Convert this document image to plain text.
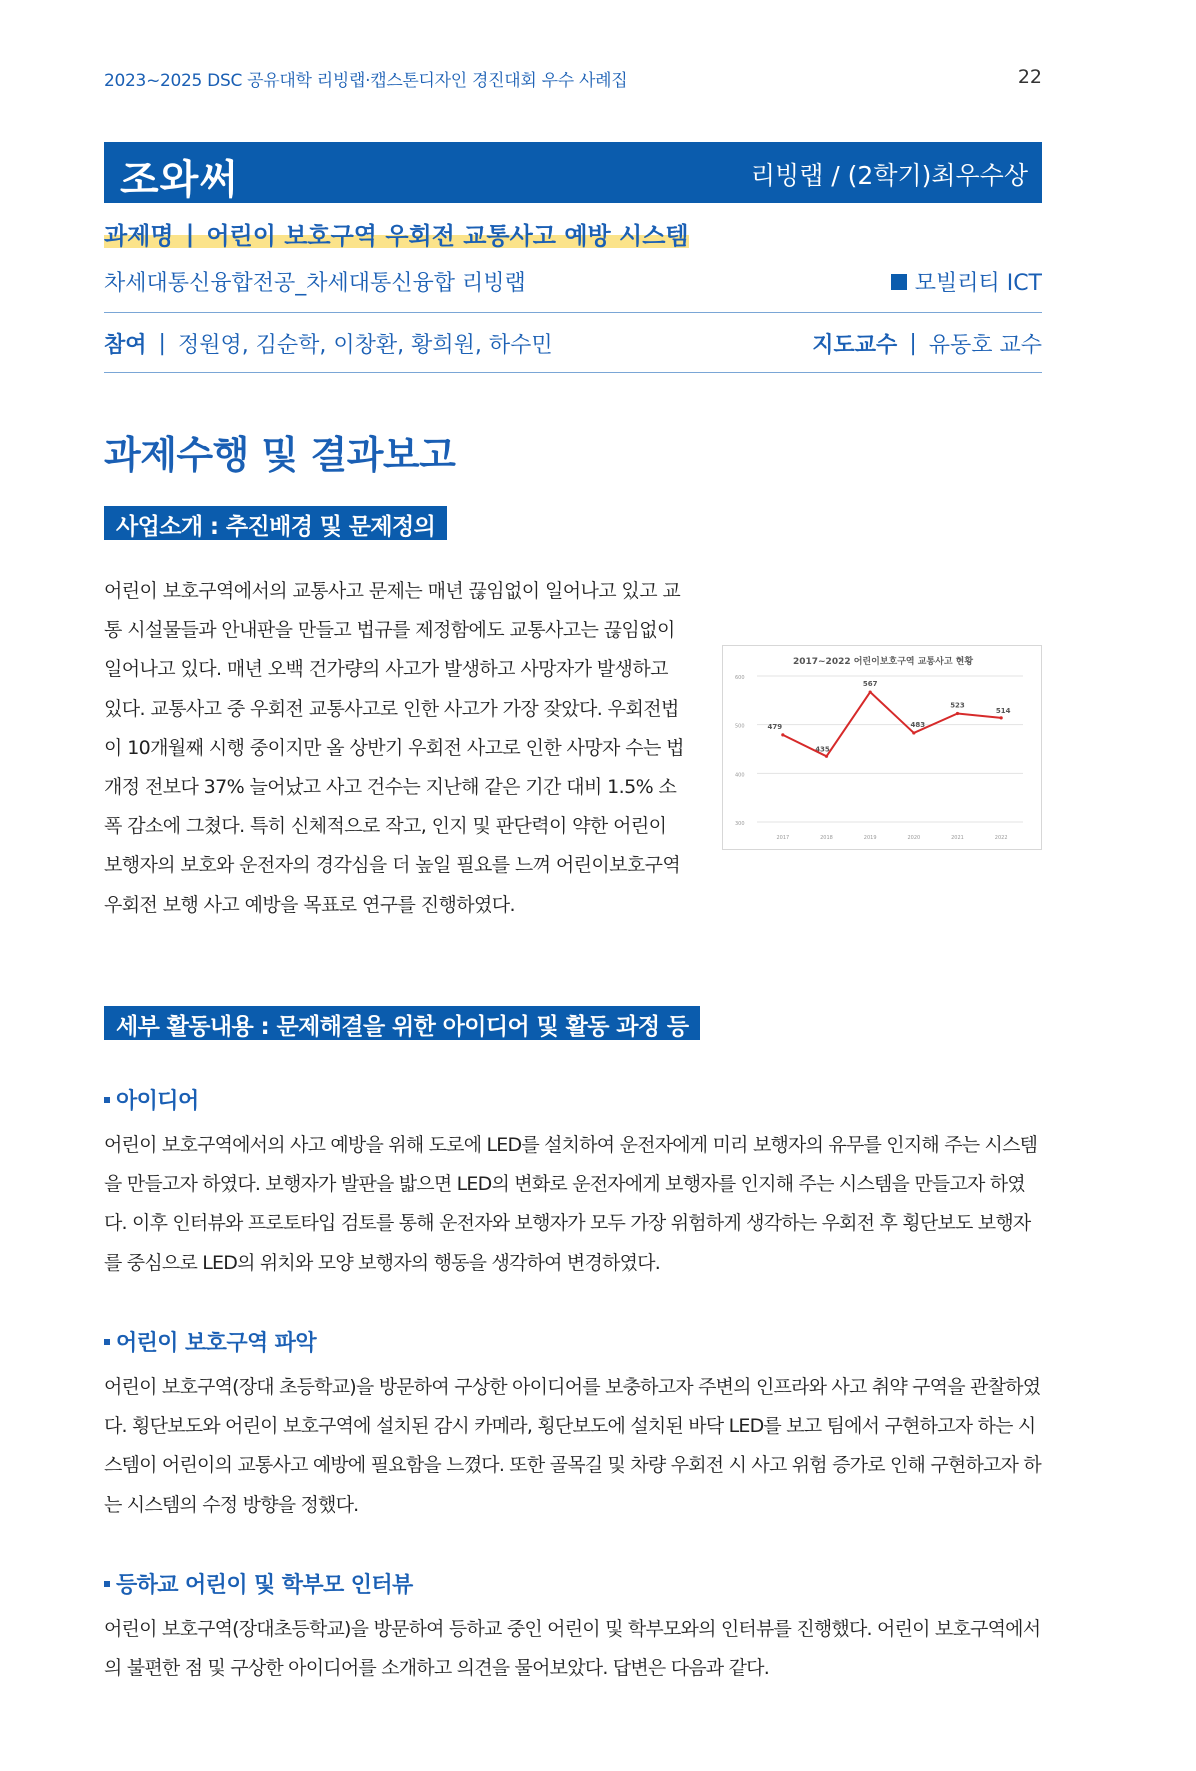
2023~2025 DSC 공유대학 리빙랩·캡스톤디자인 경진대회 우수 사례집	22
조와써	리빙랩 / (2학기)최우수상
과제명 | 어린이 보호구역 우회전 교통사고 예방 시스템
차세대통신융합전공_차세대통신융합 리빙랩	모빌리티 ICT
참여 | 정원영, 김순학, 이창환, 황희원, 하수민	지도교수 | 유동호 교수
과제수행 및 결과보고
사업소개 : 추진배경 및 문제정의
어린이 보호구역에서의 교통사고 문제는 매년 끊임없이 일어나고 있고 교통 시설물들과 안내판을 만들고 법규를 제정함에도 교통사고는 끊임없이 일어나고 있다. 매년 오백 건가량의 사고가 발생하고 사망자가 발생하고 있다. 교통사고 중 우회전 교통사고로 인한 사고가 가장 잦았다. 우회전법이 10개월째 시행 중이지만 올 상반기 우회전 사고로 인한 사망자 수는 법 개정 전보다 37% 늘어났고 사고 건수는 지난해 같은 기간 대비 1.5% 소폭 감소에 그쳤다. 특히 신체적으로 작고, 인지 및 판단력이 약한 어린이 보행자의 보호와 운전자의 경각심을 더 높일 필요를 느껴 어린이보호구역 우회전 보행 사고 예방을 목표로 연구를 진행하였다.
600
500
400
300
2017	2018	2019	2020	2021	2022
479
435
567
483
523
514
2017~2022 어린이보호구역 교통사고 현황
세부 활동내용 : 문제해결을 위한 아이디어 및 활동 과정 등
아이디어
어린이 보호구역에서의 사고 예방을 위해 도로에 LED를 설치하여 운전자에게 미리 보행자의 유무를 인지해 주는 시스템을 만들고자 하였다. 보행자가 발판을 밟으면 LED의 변화로 운전자에게 보행자를 인지해 주는 시스템을 만들고자 하였다. 이후 인터뷰와 프로토타입 검토를 통해 운전자와 보행자가 모두 가장 위험하게 생각하는 우회전 후 횡단보도 보행자를 중심으로 LED의 위치와 모양 보행자의 행동을 생각하여 변경하였다.
어린이 보호구역 파악
어린이 보호구역(장대 초등학교)을 방문하여 구상한 아이디어를 보충하고자 주변의 인프라와 사고 취약 구역을 관찰하였다. 횡단보도와 어린이 보호구역에 설치된 감시 카메라, 횡단보도에 설치된 바닥 LED를 보고 팀에서 구현하고자 하는 시스템이 어린이의 교통사고 예방에 필요함을 느꼈다. 또한 골목길 및 차량 우회전 시 사고 위험 증가로 인해 구현하고자 하는 시스템의 수정 방향을 정했다.
등하교 어린이 및 학부모 인터뷰
어린이 보호구역(장대초등학교)을 방문하여 등하교 중인 어린이 및 학부모와의 인터뷰를 진행했다. 어린이 보호구역에서의 불편한 점 및 구상한 아이디어를 소개하고 의견을 물어보았다. 답변은 다음과 같다.
